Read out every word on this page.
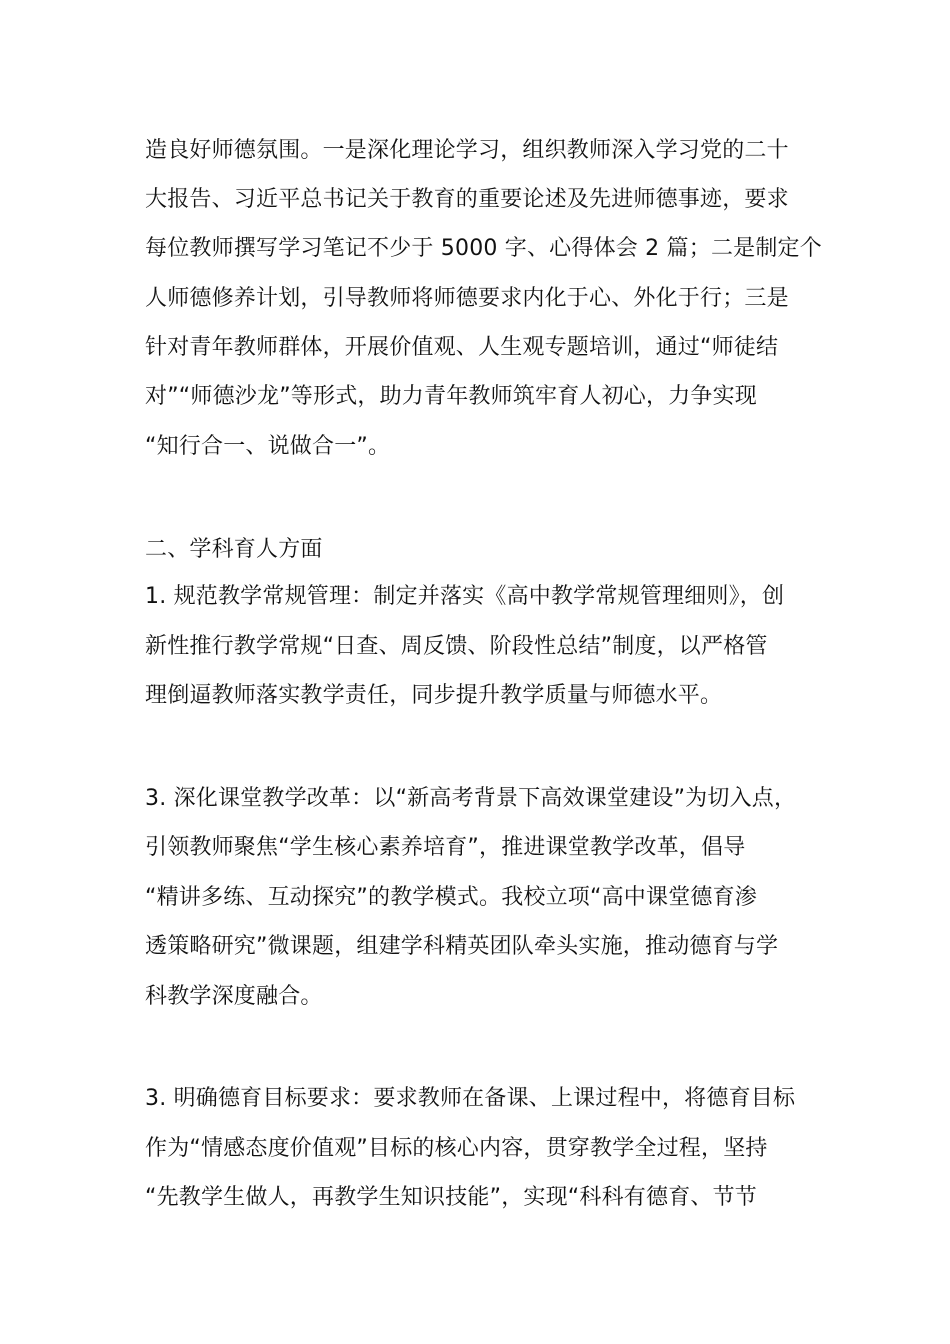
造良好师德氛围。一是深化理论学习，组织教师深入学习党的二十
大报告、习近平总书记关于教育的重要论述及先进师德事迹，要求
每位教师撰写学习笔记不少于 5000 字、心得体会 2 篇；二是制定个
人师德修养计划，引导教师将师德要求内化于心、外化于行；三是
针对青年教师群体，开展价值观、人生观专题培训，通过“师徒结
对”“师德沙龙”等形式，助力青年教师筑牢育人初心，力争实现
“知行合一、说做合一”。
二、学科育人方面
1. 规范教学常规管理：制定并落实《高中教学常规管理细则》，创
新性推行教学常规“日查、周反馈、阶段性总结”制度，以严格管
理倒逼教师落实教学责任，同步提升教学质量与师德水平。
3. 深化课堂教学改革：以“新高考背景下高效课堂建设”为切入点，
引领教师聚焦“学生核心素养培育”，推进课堂教学改革，倡导
“精讲多练、互动探究”的教学模式。我校立项“高中课堂德育渗
透策略研究”微课题，组建学科精英团队牵头实施，推动德育与学
科教学深度融合。
3. 明确德育目标要求：要求教师在备课、上课过程中，将德育目标
作为“情感态度价值观”目标的核心内容，贯穿教学全过程，坚持
“先教学生做人，再教学生知识技能”，实现“科科有德育、节节
